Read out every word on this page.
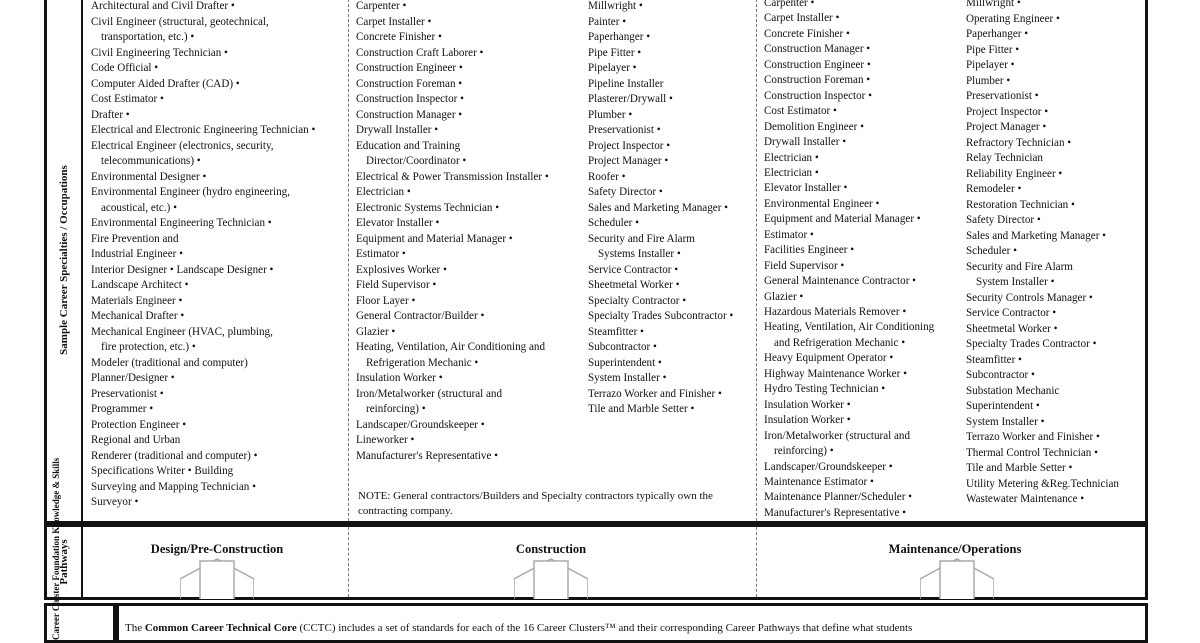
Sample Career Specialties / Occupations
Architectural and Civil Drafter •
Civil Engineer (structural, geotechnical,
transportation, etc.) •
Civil Engineering Technician •
Code Official •
Computer Aided Drafter (CAD) •
Cost Estimator •
Drafter •
Electrical and Electronic Engineering Technician •
Electrical Engineer (electronics, security,
telecommunications) •
Environmental Designer •
Environmental Engineer (hydro engineering,
acoustical, etc.) •
Environmental Engineering Technician •
Fire Prevention and
Industrial Engineer •
Interior Designer • Landscape Designer •
Landscape Architect •
Materials Engineer •
Mechanical Drafter •
Mechanical Engineer (HVAC, plumbing,
fire protection, etc.) •
Modeler (traditional and computer)
Planner/Designer •
Preservationist •
Programmer •
Protection Engineer •
Regional and Urban
Renderer (traditional and computer) •
Specifications Writer • Building
Surveying and Mapping Technician •
Surveyor •
Carpenter •
Carpet Installer •
Concrete Finisher •
Construction Craft Laborer •
Construction Engineer •
Construction Foreman •
Construction Inspector •
Construction Manager •
Drywall Installer •
Education and Training
Director/Coordinator •
Electrical & Power Transmission Installer •
Electrician •
Electronic Systems Technician •
Elevator Installer •
Equipment and Material Manager •
Estimator •
Explosives Worker •
Field Supervisor •
Floor Layer •
General Contractor/Builder •
Glazier •
Heating, Ventilation, Air Conditioning and
Refrigeration Mechanic •
Insulation Worker •
Iron/Metalworker (structural and
reinforcing) •
Landscaper/Groundskeeper •
Lineworker •
Manufacturer's Representative •
Millwright •
Painter •
Paperhanger •
Pipe Fitter •
Pipelayer •
Pipeline Installer
Plasterer/Drywall •
Plumber •
Preservationist •
Project Inspector •
Project Manager •
Roofer •
Safety Director •
Sales and Marketing Manager •
Scheduler •
Security and Fire Alarm
Systems Installer •
Service Contractor •
Sheetmetal Worker •
Specialty Contractor •
Specialty Trades Subcontractor •
Steamfitter •
Subcontractor •
Superintendent •
System Installer •
Terrazo Worker and Finisher •
Tile and Marble Setter •
Carpenter •
Carpet Installer •
Concrete Finisher •
Construction Manager •
Construction Engineer •
Construction Foreman •
Construction Inspector •
Cost Estimator •
Demolition Engineer •
Drywall Installer •
Electrician •
Electrician •
Elevator Installer •
Environmental Engineer •
Equipment and Material Manager •
Estimator •
Facilities Engineer •
Field Supervisor •
General Maintenance Contractor •
Glazier •
Hazardous Materials Remover •
Heating, Ventilation, Air Conditioning
and Refrigeration Mechanic •
Heavy Equipment Operator •
Highway Maintenance Worker •
Hydro Testing Technician •
Insulation Worker •
Insulation Worker •
Iron/Metalworker (structural and
reinforcing) •
Landscaper/Groundskeeper •
Maintenance Estimator •
Maintenance Planner/Scheduler •
Manufacturer's Representative •
Millwright •
Operating Engineer •
Paperhanger •
Pipe Fitter •
Pipelayer •
Plumber •
Preservationist •
Project Inspector •
Project Manager •
Refractory Technician •
Relay Technician
Reliability Engineer •
Remodeler •
Restoration Technician •
Safety Director •
Sales and Marketing Manager •
Scheduler •
Security and Fire Alarm
System Installer •
Security Controls Manager •
Service Contractor •
Sheetmetal Worker •
Specialty Trades Contractor •
Steamfitter •
Subcontractor •
Substation Mechanic
Superintendent •
System Installer •
Terrazo Worker and Finisher •
Thermal Control Technician •
Tile and Marble Setter •
Utility Metering &Reg.Technician
Wastewater Maintenance •
NOTE: General contractors/Builders and Specialty contractors typically own the contracting company.
Pathways	Design/Pre-Construction	Construction	Maintenance/Operations
Career Cluster Foundation Knowledge & Skills	The Common Career Technical Core (CCTC) includes a set of standards for each of the 16 Career Clusters™ and their corresponding Career Pathways that define what students
